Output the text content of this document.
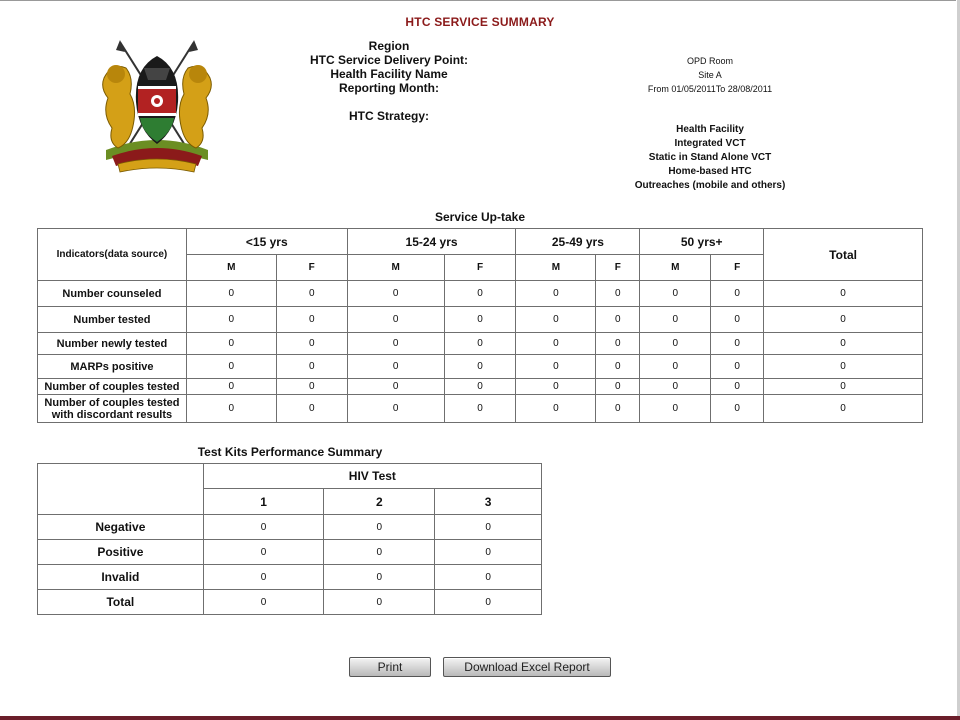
HTC SERVICE SUMMARY
Region
HTC Service Delivery Point:
Health Facility Name
Reporting Month:
HTC Strategy:
OPD Room
Site A
From 01/05/2011To 28/08/2011
Health Facility
Integrated VCT
Static in Stand Alone VCT
Home-based HTC
Outreaches (mobile and others)
Service Up-take
Indicators(data source)	<15 yrs		15-24 yrs		25-49 yrs		50 yrs+		Total
	M	F	M	F	M	F	M	F	
Number counseled	0	0	0	0	0	0	0	0	0
Number tested	0	0	0	0	0	0	0	0	0
Number newly tested	0	0	0	0	0	0	0	0	0
MARPs positive	0	0	0	0	0	0	0	0	0
Number of couples tested	0	0	0	0	0	0	0	0	0
Number of couples tested with discordant results	0	0	0	0	0	0	0	0	0
Test Kits Performance Summary
	HIV Test		
	1	2	3
Negative	0	0	0
Positive	0	0	0
Invalid	0	0	0
Total	0	0	0
Print	Download Excel Report
